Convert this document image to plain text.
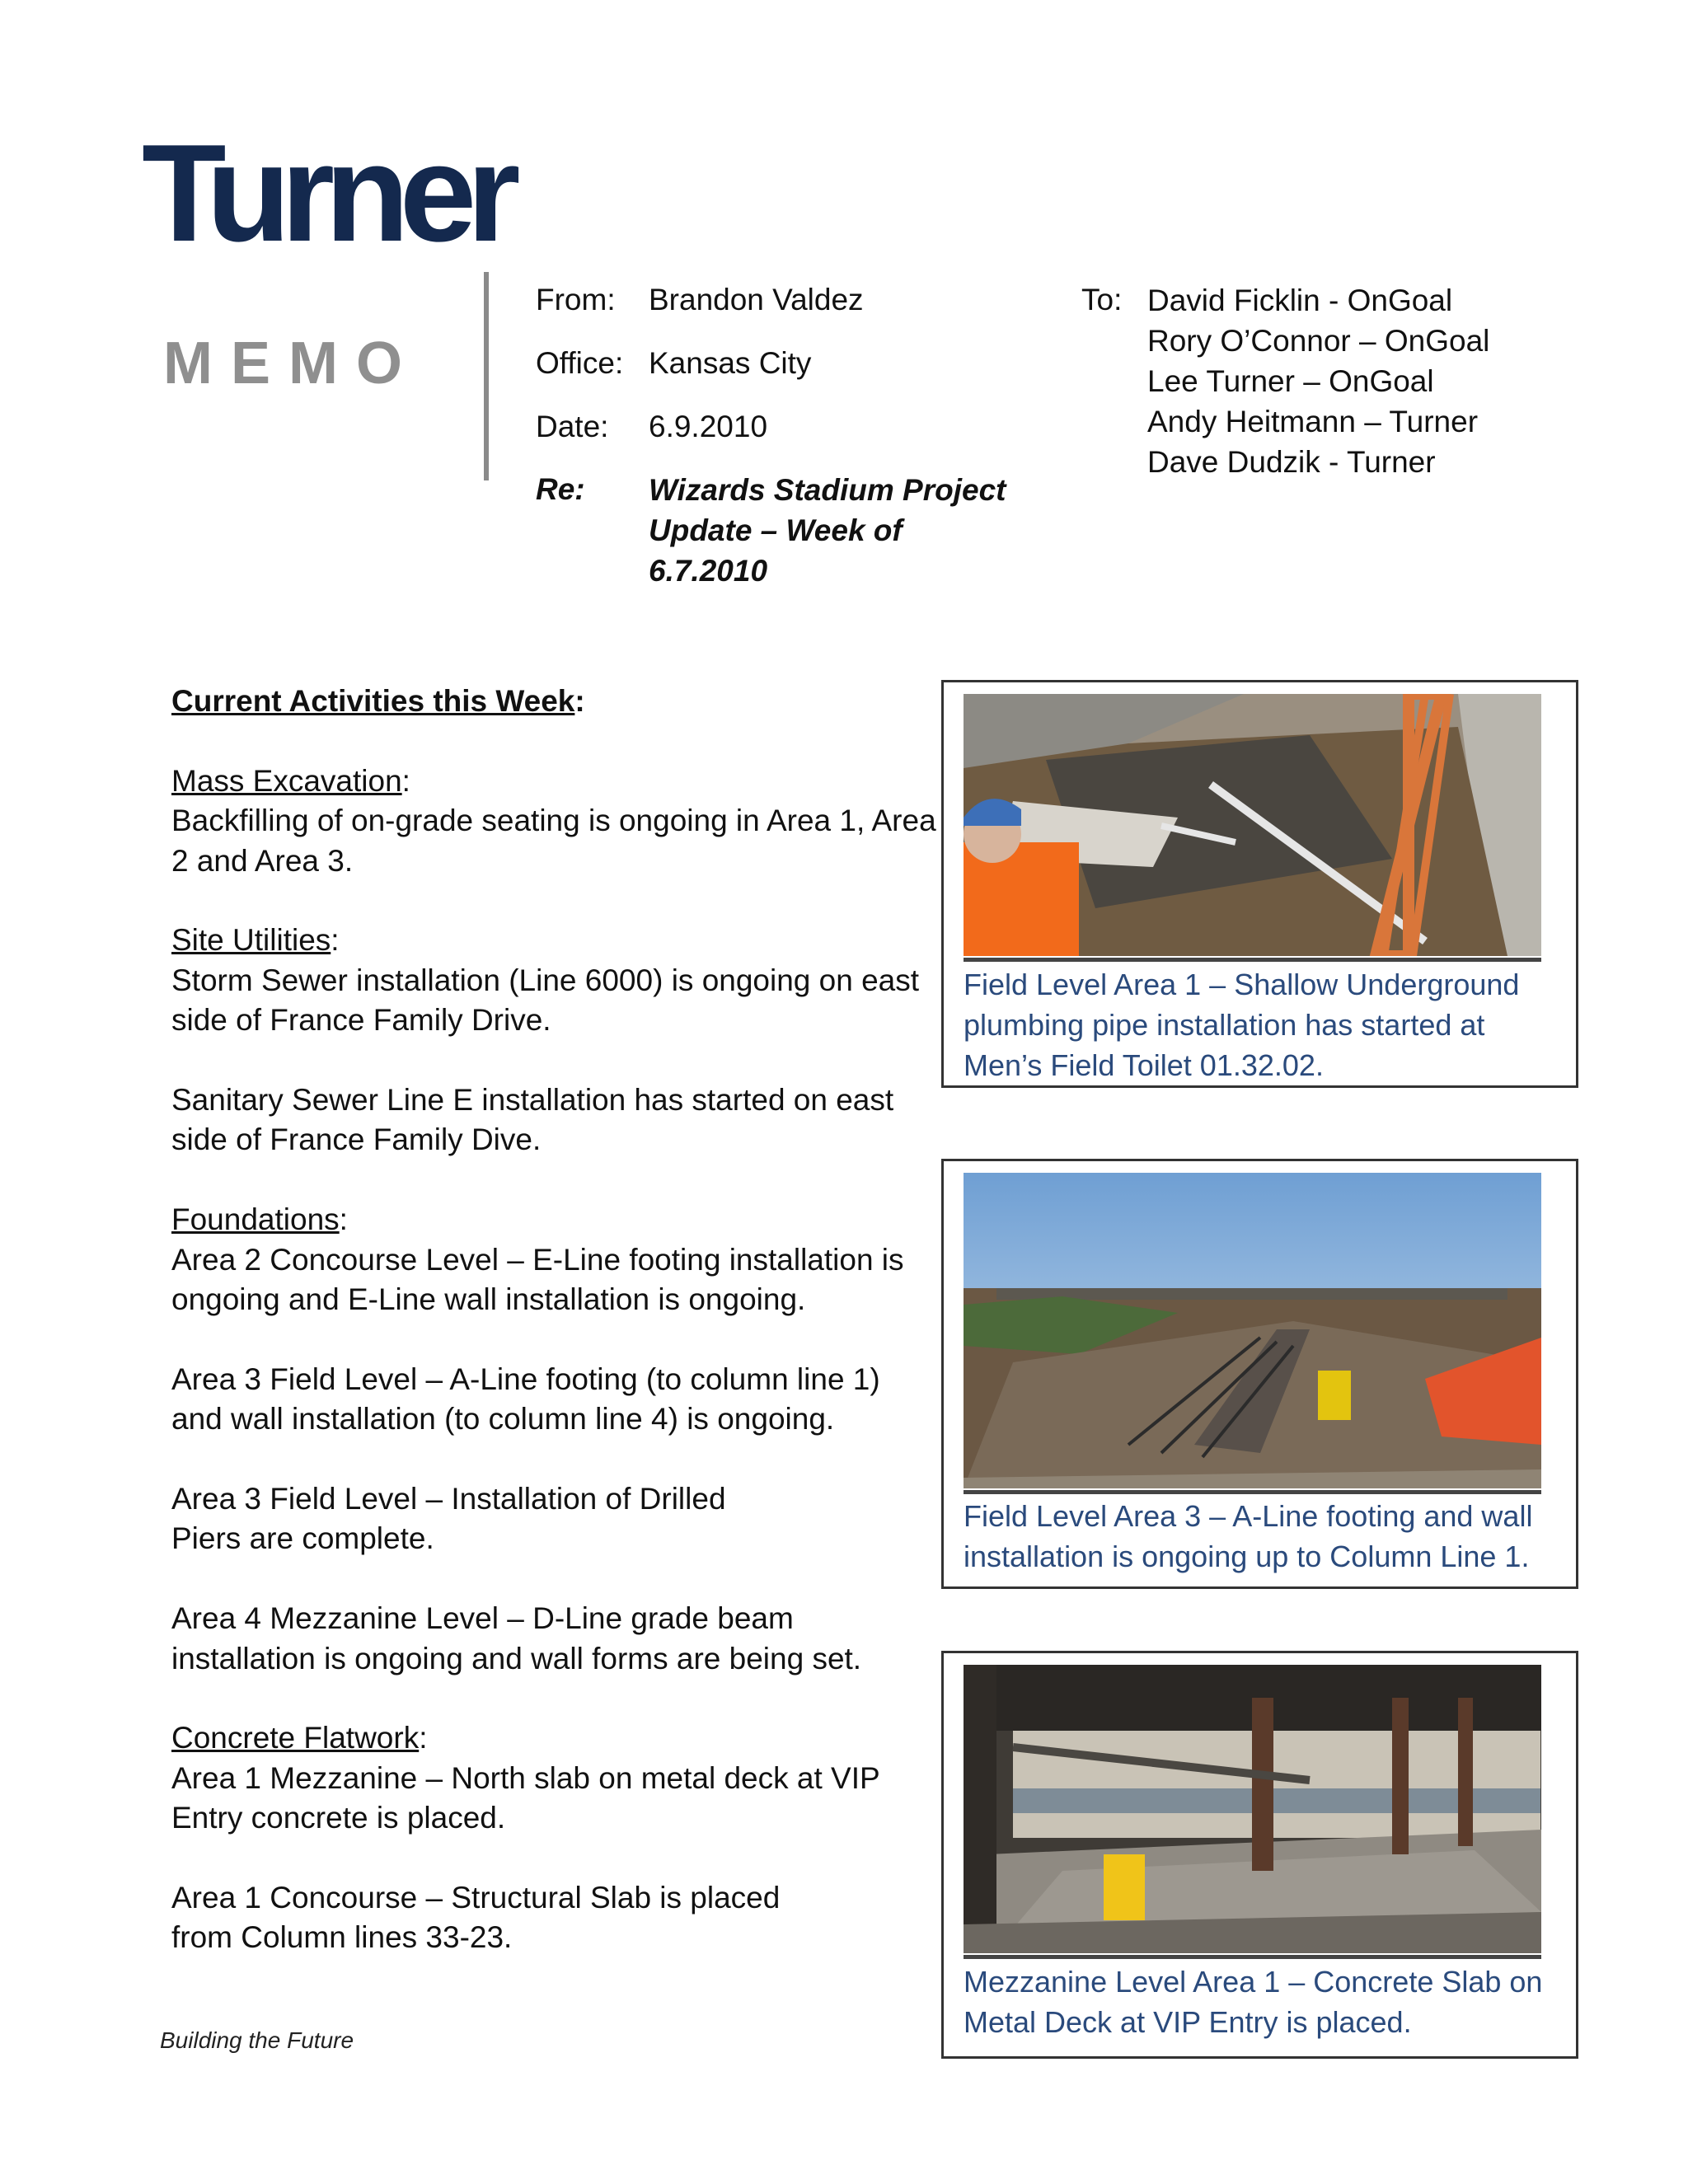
Turner
MEMO
From: Brandon Valdez
Office: Kansas City
Date: 6.9.2010
Re: Wizards Stadium Project
Update – Week of
6.7.2010
To: David Ficklin - OnGoal
Rory O’Connor – OnGoal
Lee Turner – OnGoal
Andy Heitmann – Turner
Dave Dudzik - Turner

Current Activities this Week:

Mass Excavation:
Backfilling of on-grade seating is ongoing in Area 1, Area 2 and Area 3.

Site Utilities:
Storm Sewer installation (Line 6000) is ongoing on east side of France Family Drive.

Sanitary Sewer Line E installation has started on east side of France Family Dive.

Foundations:
Area 2 Concourse Level – E-Line footing installation is ongoing and E-Line wall installation is ongoing.

Area 3 Field Level – A-Line footing (to column line 1) and wall installation (to column line 4) is ongoing.

Area 3 Field Level – Installation of Drilled Piers are complete.

Area 4 Mezzanine Level – D-Line grade beam installation is ongoing and wall forms are being set.

Concrete Flatwork:
Area 1 Mezzanine – North slab on metal deck at VIP Entry concrete is placed.

Area 1 Concourse – Structural Slab is placed from Column lines 33-23.

Field Level Area 1 – Shallow Underground plumbing pipe installation has started at Men’s Field Toilet 01.32.02.
Field Level Area 3 – A-Line footing and wall installation is ongoing up to Column Line 1.
Mezzanine Level Area 1 – Concrete Slab on Metal Deck at VIP Entry is placed.
Building the Future
